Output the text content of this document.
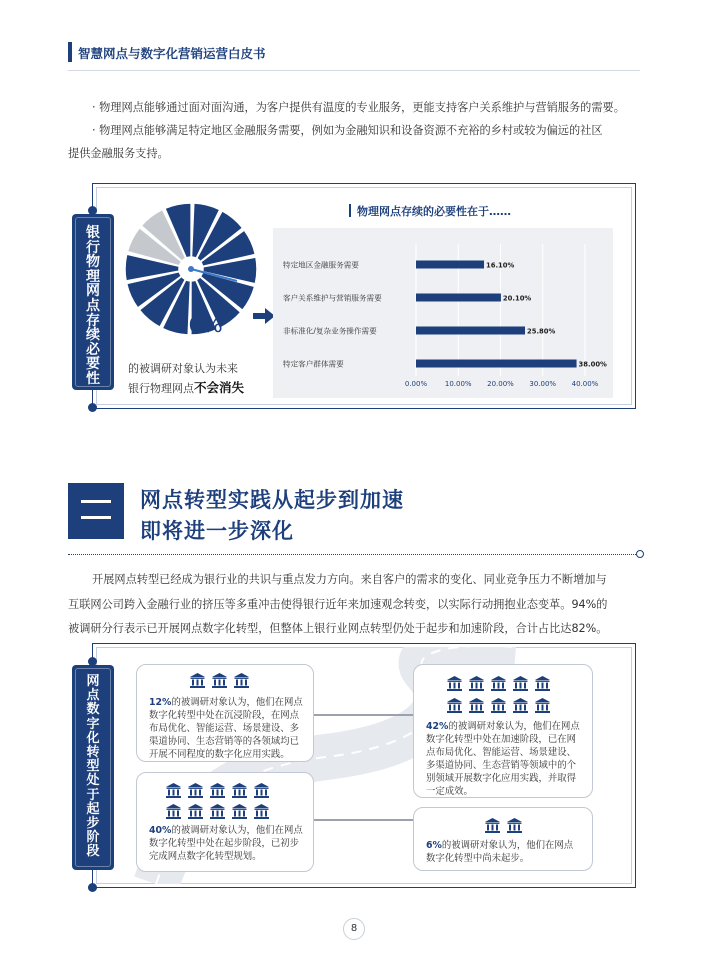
智慧网点与数字化营销运营白皮书
· 物理网点能够通过面对面沟通，为客户提供有温度的专业服务，更能支持客户关系维护与营销服务的需要。
· 物理网点能够满足特定地区金融服务需要，例如为金融知识和设备资源不充裕的乡村或较为偏远的社区
提供金融服务支持。
银
行
物
理
网
点
存
续
必
要
性
86%
的被调研对象认为未来
银行物理网点不会消失
物理网点存续的必要性在于……
0.00%	10.00% 20.00% 30.00% 40.00%
特定地区金融服务需要	16.10%
客户关系维护与营销服务需要	20.10%
非标准化/复杂业务操作需要	25.80%
特定客户群体需要	38.00%
网点转型实践从起步到加速
即将进一步深化
开展网点转型已经成为银行业的共识与重点发力方向。来自客户的需求的变化、同业竞争压力不断增加与
互联网公司跨入金融行业的挤压等多重冲击使得银行近年来加速观念转变，以实际行动拥抱业态变革。94%的
被调研分行表示已开展网点数字化转型，但整体上银行业网点转型仍处于起步和加速阶段，合计占比达82%。
网
点
数
字
化
转
型
处
于
起
步
阶
段
12%的被调研对象认为，他们在网点
数字化转型中处在沉浸阶段，在网点
布局优化、智能运营、场景建设、多
渠道协同、生态营销等的各领域均已
开展不同程度的数字化应用实践。
42%的被调研对象认为，他们在网点
数字化转型中处在加速阶段，已在网
点布局优化、智能运营、场景建设、
多渠道协同、生态营销等领域中的个
别领域开展数字化应用实践，并取得
一定成效。
40%的被调研对象认为，他们在网点
数字化转型中处在起步阶段，已初步
完成网点数字化转型规划。
6%的被调研对象认为，他们在网点
数字化转型中尚未起步。
8
